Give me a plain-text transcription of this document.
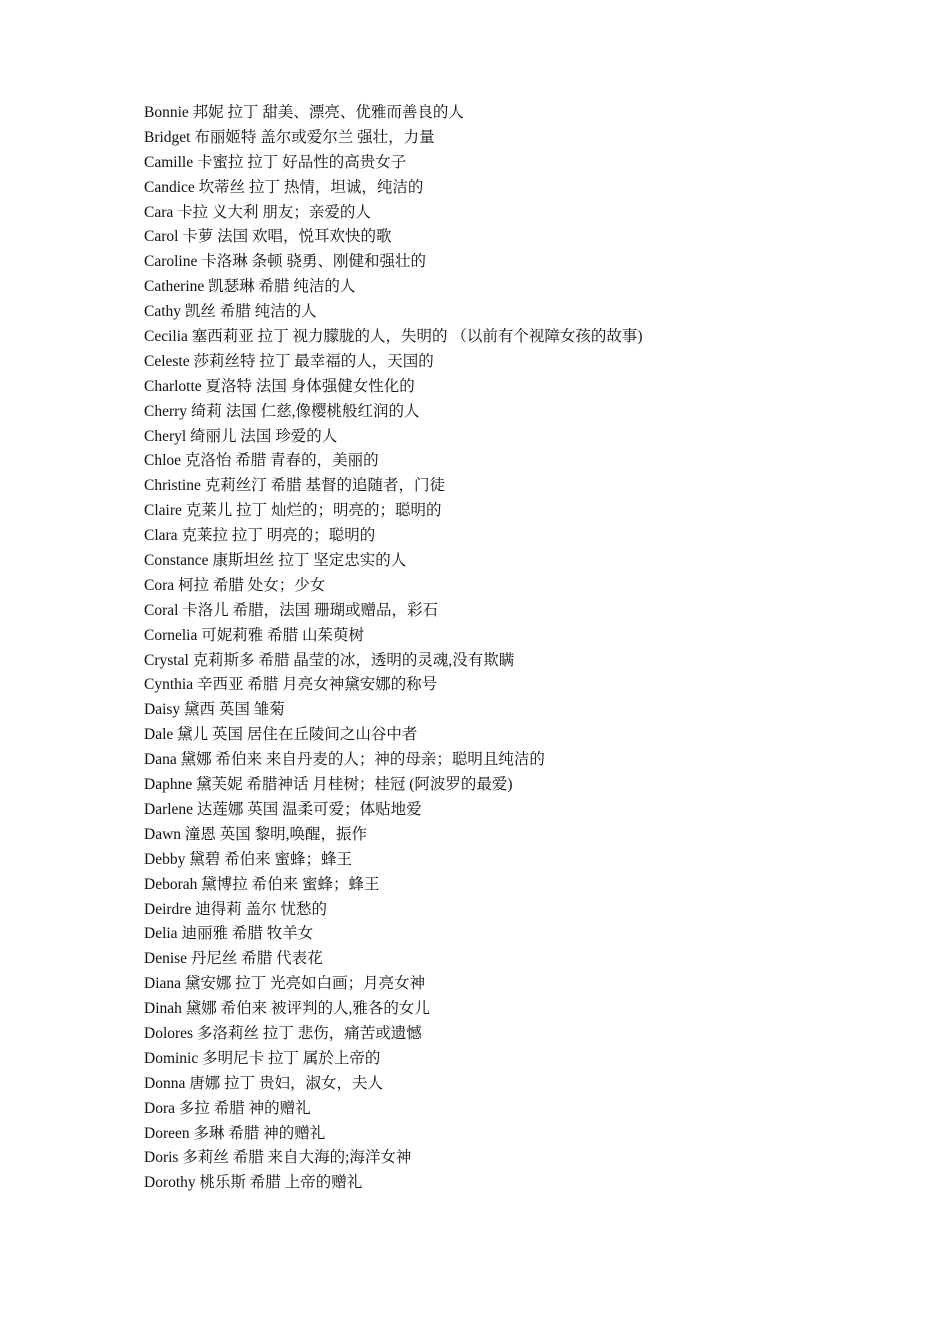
Bonnie 邦妮 拉丁 甜美、漂亮、优雅而善良的人
Bridget 布丽姬特 盖尔或爱尔兰 强壮，力量
Camille 卡蜜拉 拉丁 好品性的高贵女子
Candice 坎蒂丝 拉丁 热情，坦诚，纯洁的
Cara 卡拉 义大利 朋友；亲爱的人
Carol 卡萝 法国 欢唱，悦耳欢快的歌
Caroline 卡洛琳 条顿 骁勇、刚健和强壮的
Catherine 凯瑟琳 希腊 纯洁的人
Cathy 凯丝 希腊 纯洁的人
Cecilia 塞西莉亚 拉丁 视力朦胧的人，失明的 （以前有个视障女孩的故事)
Celeste 莎莉丝特 拉丁 最幸福的人，天国的
Charlotte 夏洛特 法国 身体强健女性化的
Cherry 绮莉 法国 仁慈,像樱桃般红润的人
Cheryl 绮丽儿 法国 珍爱的人
Chloe 克洛怡 希腊 青春的，美丽的
Christine 克莉丝汀 希腊 基督的追随者，门徒
Claire 克莱儿 拉丁 灿烂的；明亮的；聪明的
Clara 克莱拉 拉丁 明亮的；聪明的
Constance 康斯坦丝 拉丁 坚定忠实的人
Cora 柯拉 希腊 处女；少女
Coral 卡洛儿 希腊，法国 珊瑚或赠品，彩石
Cornelia 可妮莉雅 希腊 山茱萸树
Crystal 克莉斯多 希腊 晶莹的冰，透明的灵魂,没有欺瞒
Cynthia 辛西亚 希腊 月亮女神黛安娜的称号
Daisy 黛西 英国 雏菊
Dale 黛儿 英国 居住在丘陵间之山谷中者
Dana 黛娜 希伯来 来自丹麦的人；神的母亲；聪明且纯洁的
Daphne 黛芙妮 希腊神话 月桂树；桂冠 (阿波罗的最爱)
Darlene 达莲娜 英国 温柔可爱；体贴地爱
Dawn 潼恩 英国 黎明,唤醒，振作
Debby 黛碧 希伯来 蜜蜂；蜂王
Deborah 黛博拉 希伯来 蜜蜂；蜂王
Deirdre 迪得莉 盖尔 忧愁的
Delia 迪丽雅 希腊 牧羊女
Denise 丹尼丝 希腊 代表花
Diana 黛安娜 拉丁 光亮如白画；月亮女神
Dinah 黛娜 希伯来 被评判的人,雅各的女儿
Dolores 多洛莉丝 拉丁 悲伤，痛苦或遗憾
Dominic 多明尼卡 拉丁 属於上帝的
Donna 唐娜 拉丁 贵妇，淑女，夫人
Dora 多拉 希腊 神的赠礼
Doreen 多琳 希腊 神的赠礼
Doris 多莉丝 希腊 来自大海的;海洋女神
Dorothy 桃乐斯 希腊 上帝的赠礼
